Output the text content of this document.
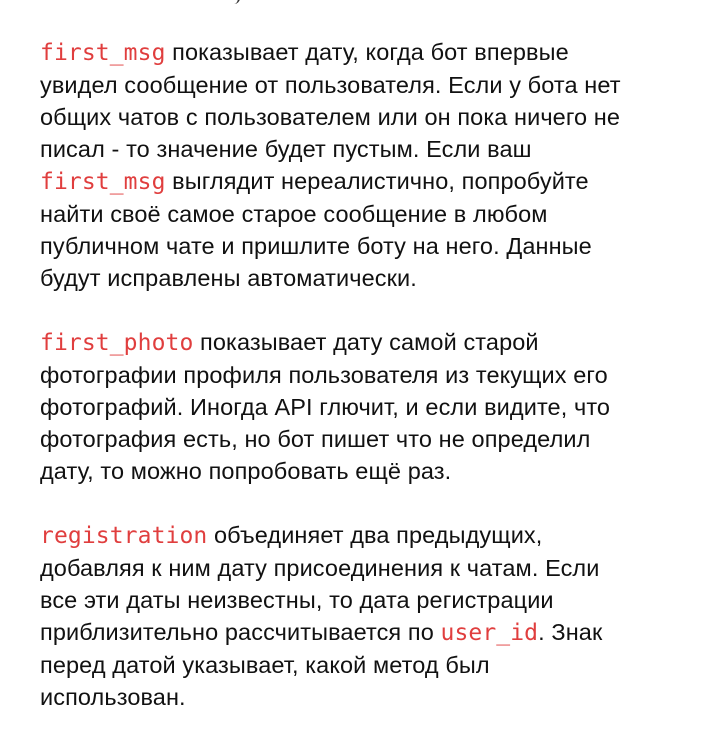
first_msg показывает дату, когда бот впервые
увидел сообщение от пользователя. Если у бота нет
общих чатов с пользователем или он пока ничего не
писал - то значение будет пустым. Если ваш
first_msg выглядит нереалистично, попробуйте
найти своё самое старое сообщение в любом
публичном чате и пришлите боту на него. Данные
будут исправлены автоматически.

first_photo показывает дату самой старой
фотографии профиля пользователя из текущих его
фотографий. Иногда API глючит, и если видите, что
фотография есть, но бот пишет что не определил
дату, то можно попробовать ещё раз.

registration объединяет два предыдущих,
добавляя к ним дату присоединения к чатам. Если
все эти даты неизвестны, то дата регистрации
приблизительно рассчитывается по user_id. Знак
перед датой указывает, какой метод был
использован.
